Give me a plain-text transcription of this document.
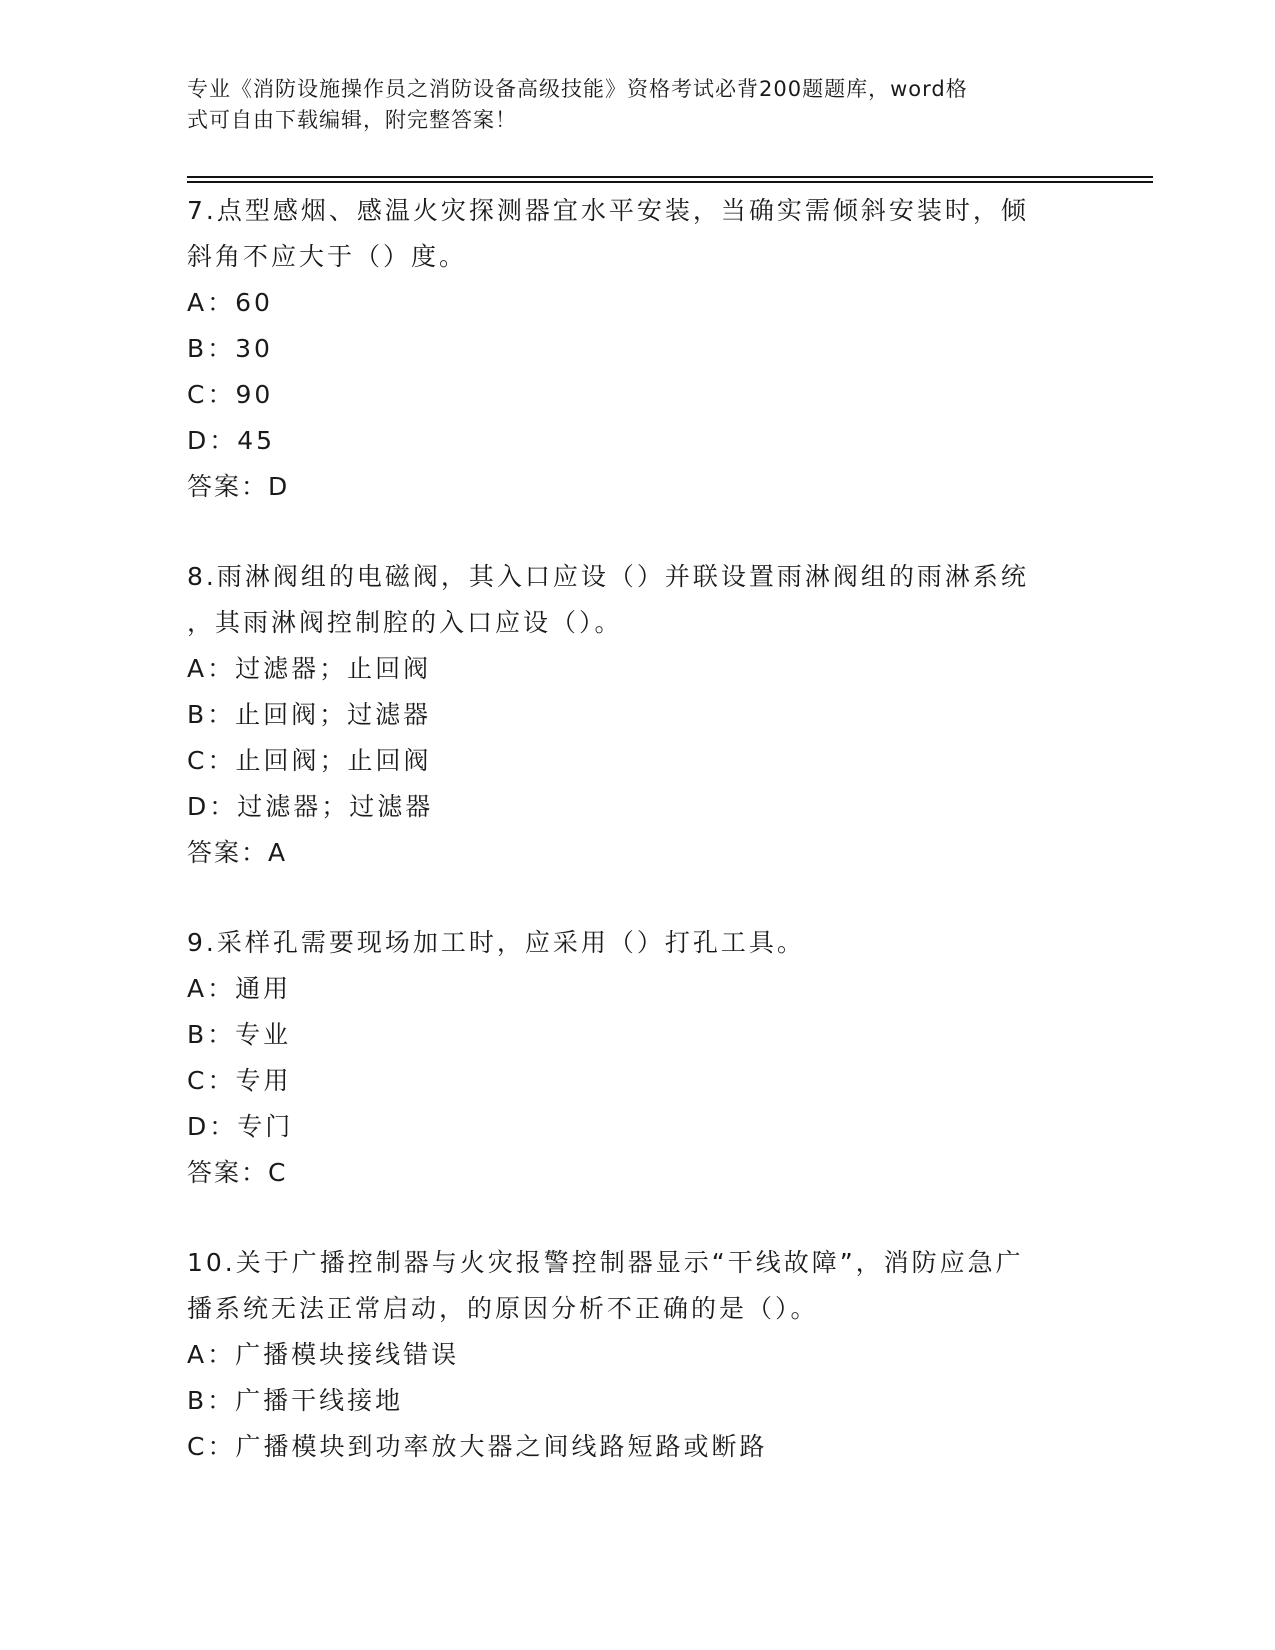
专业《消防设施操作员之消防设备高级技能》资格考试必背200题题库，word格
式可自由下载编辑，附完整答案！

7.点型感烟、感温火灾探测器宜水平安装，当确实需倾斜安装时，倾

斜角不应大于（）度。

A：60

B：30

C：90

D：45

答案：D

8.雨淋阀组的电磁阀，其入口应设（）并联设置雨淋阀组的雨淋系统

，其雨淋阀控制腔的入口应设（）。

A：过滤器；止回阀

B：止回阀；过滤器

C：止回阀；止回阀

D：过滤器；过滤器

答案：A

9.采样孔需要现场加工时，应采用（）打孔工具。

A：通用

B：专业

C：专用

D：专门

答案：C

10.关于广播控制器与火灾报警控制器显示“干线故障”，消防应急广

播系统无法正常启动，的原因分析不正确的是（）。

A：广播模块接线错误

B：广播干线接地

C：广播模块到功率放大器之间线路短路或断路
